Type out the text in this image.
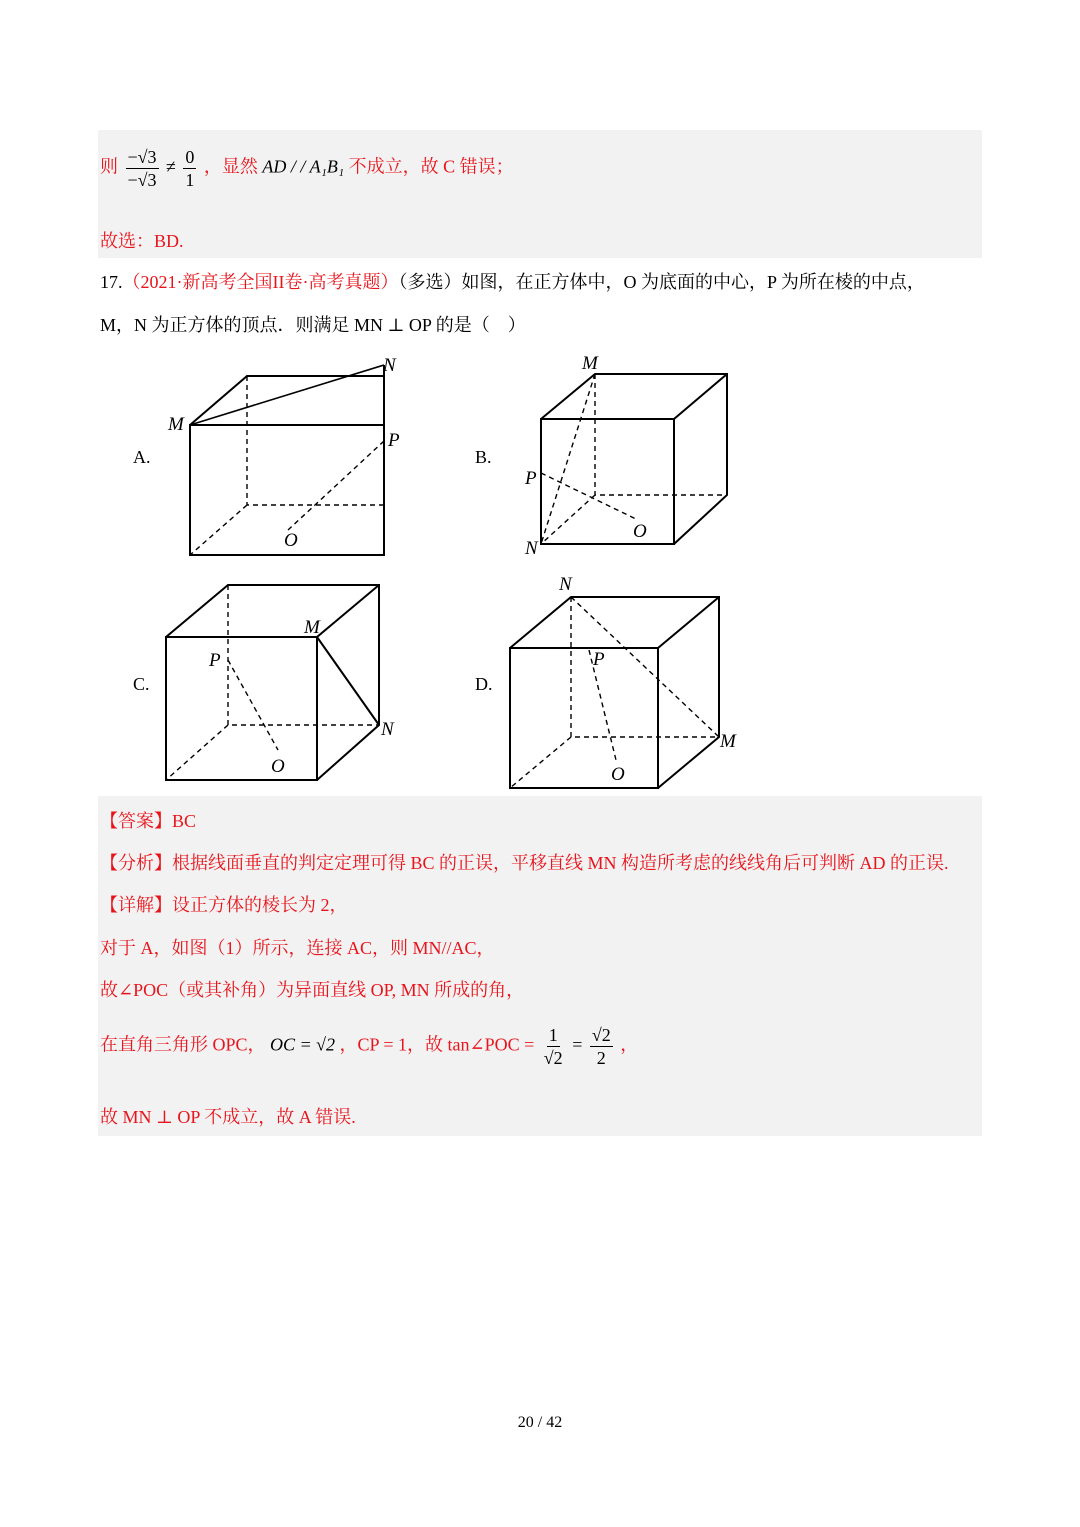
则 $\frac{-√3}{-√3} \ne \frac{0}{1}$ ，显然 AD / / A₁B₁ 不成立，故 C 错误；
故选：BD.
17.（2021·新高考全国II卷·高考真题）（多选）如图，在正方体中，O 为底面的中心，P 为所在棱的中点，
M，N 为正方体的顶点．则满足 MN ⊥ OP 的是（　）
A.	B.
C.	D.
M
N
P
O
M
N
P
O
M
N
P
O
N
M
P
O
【答案】BC
【分析】根据线面垂直的判定定理可得 BC 的正误，平移直线 MN 构造所考虑的线线角后可判断 AD 的正误.
【详解】设正方体的棱长为 2，
对于 A，如图（1）所示，连接 AC，则 MN//AC，
故∠POC（或其补角）为异面直线 OP, MN 所成的角，
在直角三角形 OPC， OC = √2 ，CP = 1，故 tan∠POC = $\frac{1}{√2} = \frac{√2}{2}$ ，
故 MN ⊥ OP 不成立，故 A 错误.
20 / 42
